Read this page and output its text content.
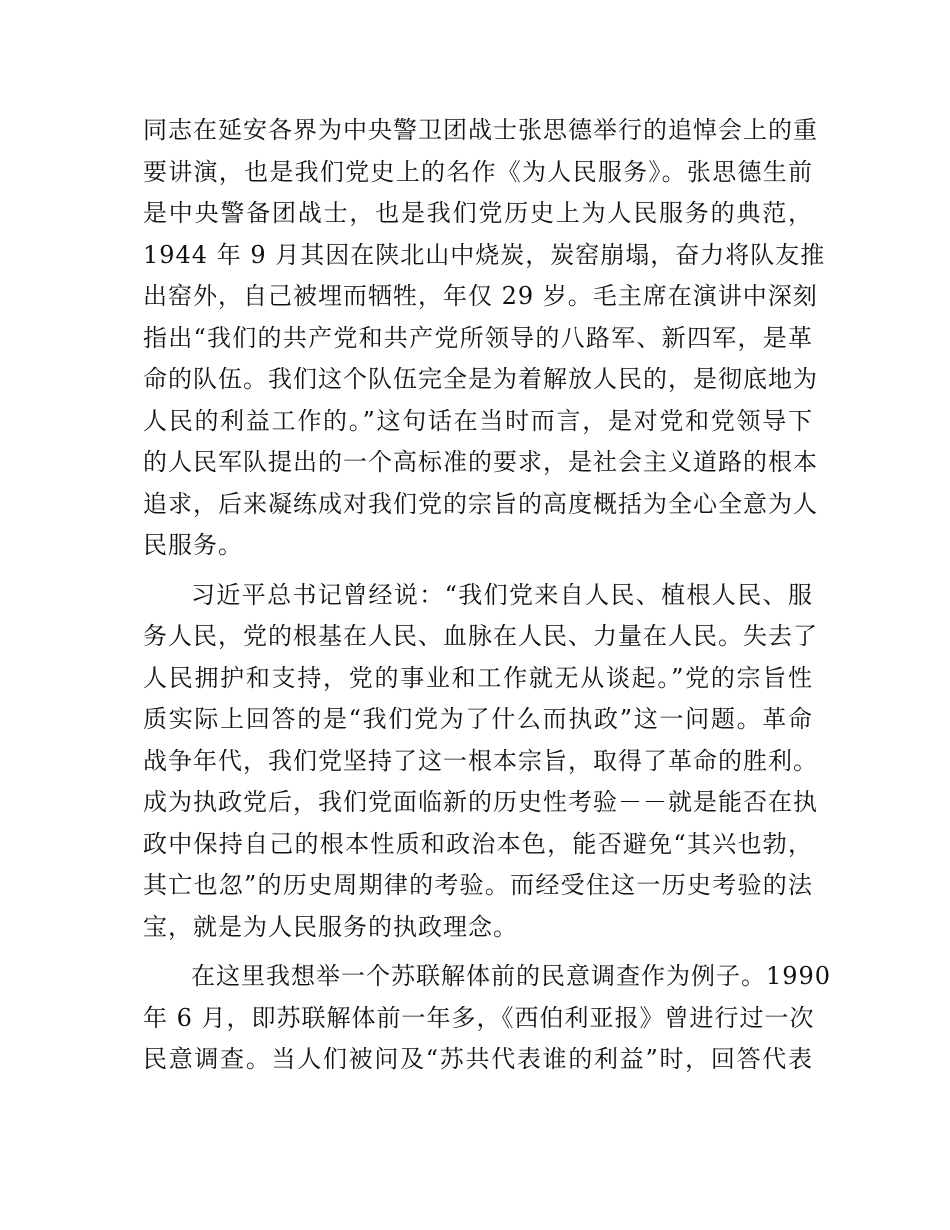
同志在延安各界为中央警卫团战士张思德举行的追悼会上的重
要讲演，也是我们党史上的名作《为人民服务》。张思德生前
是中央警备团战士，也是我们党历史上为人民服务的典范，
1944 年 9 月其因在陕北山中烧炭，炭窑崩塌，奋力将队友推
出窑外，自己被埋而牺牲，年仅 29 岁。毛主席在演讲中深刻
指出“我们的共产党和共产党所领导的八路军、新四军，是革
命的队伍。我们这个队伍完全是为着解放人民的，是彻底地为
人民的利益工作的。”这句话在当时而言，是对党和党领导下
的人民军队提出的一个高标准的要求，是社会主义道路的根本
追求，后来凝练成对我们党的宗旨的高度概括为全心全意为人
民服务。

习近平总书记曾经说：“我们党来自人民、植根人民、服
务人民，党的根基在人民、血脉在人民、力量在人民。失去了
人民拥护和支持，党的事业和工作就无从谈起。”党的宗旨性
质实际上回答的是“我们党为了什么而执政”这一问题。革命
战争年代，我们党坚持了这一根本宗旨，取得了革命的胜利。
成为执政党后，我们党面临新的历史性考验－－就是能否在执
政中保持自己的根本性质和政治本色，能否避免“其兴也勃，
其亡也忽”的历史周期律的考验。而经受住这一历史考验的法
宝，就是为人民服务的执政理念。

在这里我想举一个苏联解体前的民意调查作为例子。1990
年 6 月，即苏联解体前一年多，《西伯利亚报》曾进行过一次
民意调查。当人们被问及“苏共代表谁的利益”时，回答代表
